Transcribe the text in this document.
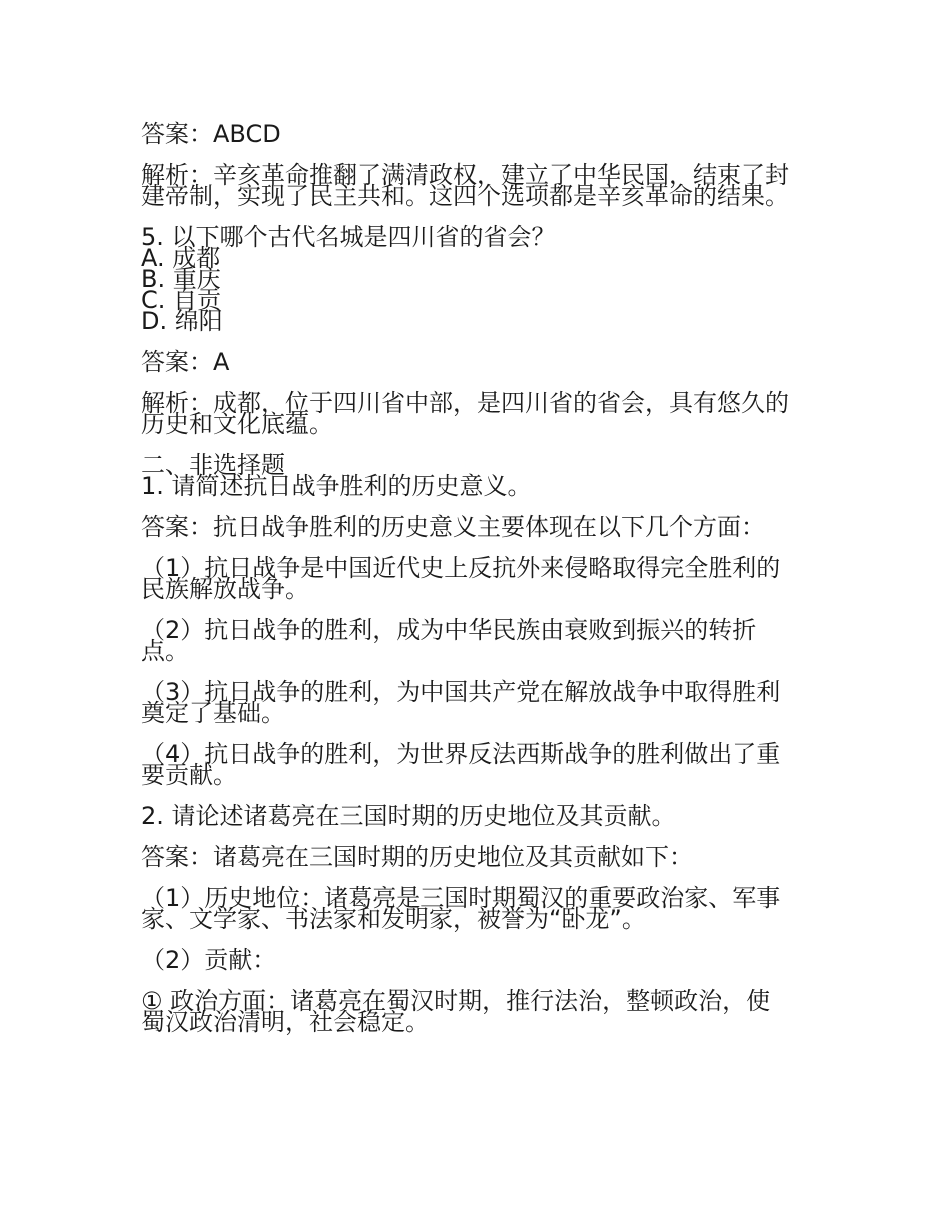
答案：ABCD

解析：辛亥革命推翻了满清政权，建立了中华民国，结束了封
建帝制，实现了民主共和。这四个选项都是辛亥革命的结果。

5. 以下哪个古代名城是四川省的省会？

A. 成都
B. 重庆
C. 自贡
D. 绵阳

答案：A

解析：成都，位于四川省中部，是四川省的省会，具有悠久的
历史和文化底蕴。

二、非选择题

1. 请简述抗日战争胜利的历史意义。

答案：抗日战争胜利的历史意义主要体现在以下几个方面：

（1）抗日战争是中国近代史上反抗外来侵略取得完全胜利的
民族解放战争。

（2）抗日战争的胜利，成为中华民族由衰败到振兴的转折
点。

（3）抗日战争的胜利，为中国共产党在解放战争中取得胜利
奠定了基础。

（4）抗日战争的胜利，为世界反法西斯战争的胜利做出了重
要贡献。

2. 请论述诸葛亮在三国时期的历史地位及其贡献。

答案：诸葛亮在三国时期的历史地位及其贡献如下：

（1）历史地位：诸葛亮是三国时期蜀汉的重要政治家、军事
家、文学家、书法家和发明家，被誉为“卧龙”。

（2）贡献：

① 政治方面：诸葛亮在蜀汉时期，推行法治，整顿政治，使
蜀汉政治清明，社会稳定。
